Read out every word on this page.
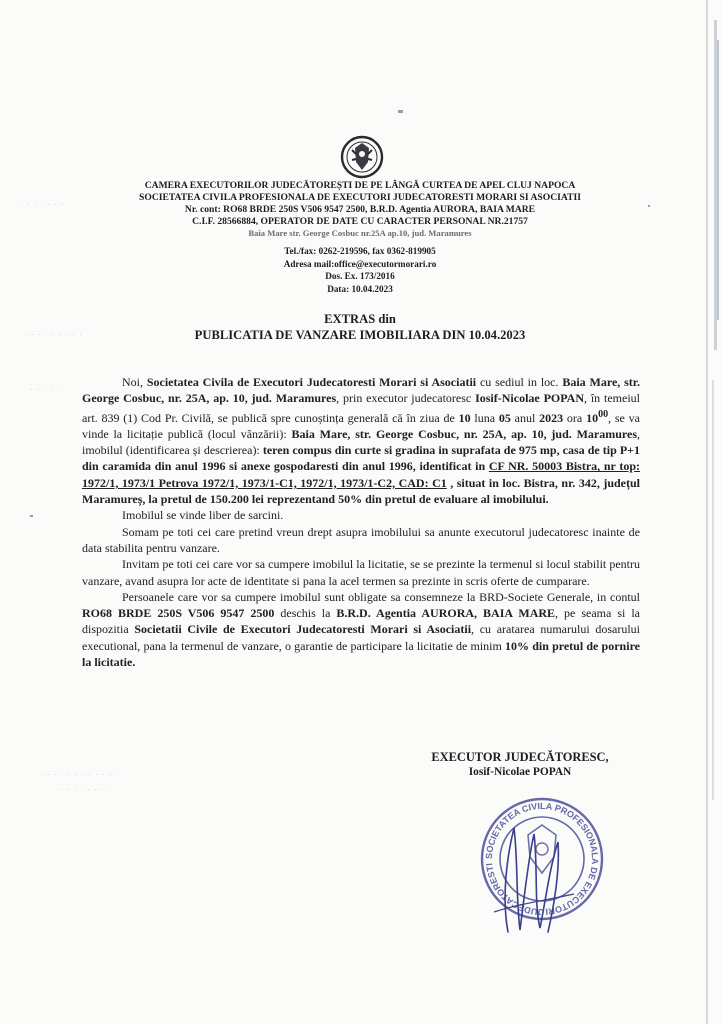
CAMERA EXECUTORILOR JUDECĂTOREȘTI DE PE LÂNGĂ CURTEA DE APEL CLUJ NAPOCA
SOCIETATEA CIVILA PROFESIONALA DE EXECUTORI JUDECATORESTI MORARI SI ASOCIATII
Nr. cont: RO68 BRDE 250S V506 9547 2500, B.R.D. Agentia AURORA, BAIA MARE
C.I.F. 28566884, OPERATOR DE DATE CU CARACTER PERSONAL NR.21757
Baia Mare str. George Cosbuc nr.25A ap.10, jud. Maramures
Tel./fax: 0262-219596, fax 0362-819905
Adresa mail:office@executormorari.ro
Dos. Ex. 173/2016
Data: 10.04.2023
EXTRAS din
PUBLICATIA DE VANZARE IMOBILIARA DIN 10.04.2023

Noi, Societatea Civila de Executori Judecatoresti Morari si Asociatii cu sediul in loc. Baia Mare, str. George Cosbuc, nr. 25A, ap. 10, jud. Maramures, prin executor judecatoresc Iosif-Nicolae POPAN, în temeiul art. 839 (1) Cod Pr. Civilă, se publică spre cunoștința generală că în ziua de 10 luna 05 anul 2023 ora $10^{00}$, se va vinde la licitație publică (locul vânzării): Baia Mare, str. George Cosbuc, nr. 25A, ap. 10, jud. Maramures, imobilul (identificarea și descrierea): teren compus din curte si gradina in suprafata de 975 mp, casa de tip P+1 din caramida din anul 1996 si anexe gospodaresti din anul 1996, identificat in CF NR. 50003 Bistra, nr top: 1972/1, 1973/1 Petrova 1972/1, 1973/1-C1, 1972/1, 1973/1-C2, CAD: C1 , situat in loc. Bistra, nr. 342, județul Maramureș, la pretul de 150.200 lei reprezentand 50% din pretul de evaluare al imobilului.

Imobilul se vinde liber de sarcini.

Somam pe toti cei care pretind vreun drept asupra imobilului sa anunte executorul judecatoresc inainte de data stabilita pentru vanzare.

Invitam pe toti cei care vor sa cumpere imobilul la licitatie, se se prezinte la termenul si locul stabilit pentru vanzare, avand asupra lor acte de identitate si pana la acel termen sa prezinte in scris oferte de cumparare.

Persoanele care vor sa cumpere imobilul sunt obligate sa consemneze la BRD-Societe Generale, in contul RO68 BRDE 250S V506 9547 2500 deschis la B.R.D. Agentia AURORA, BAIA MARE, pe seama si la dispozitia Societatii Civile de Executori Judecatoresti Morari si Asociatii, cu aratarea numarului dosarului executional, pana la termenul de vanzare, o garantie de participare la licitatie de minim 10% din pretul de pornire la licitatie.

EXECUTOR JUDECĂTORESC,
Iosif-Nicolae POPAN
SOCIETATEA CIVILA PROFESIONALA DE EXECUTORI JUDECATORESTI
· · · · · · ·
· · · · · · · · ·
· · · · ·
· · · · · · · · · · · ·
· · · · · · · ·
